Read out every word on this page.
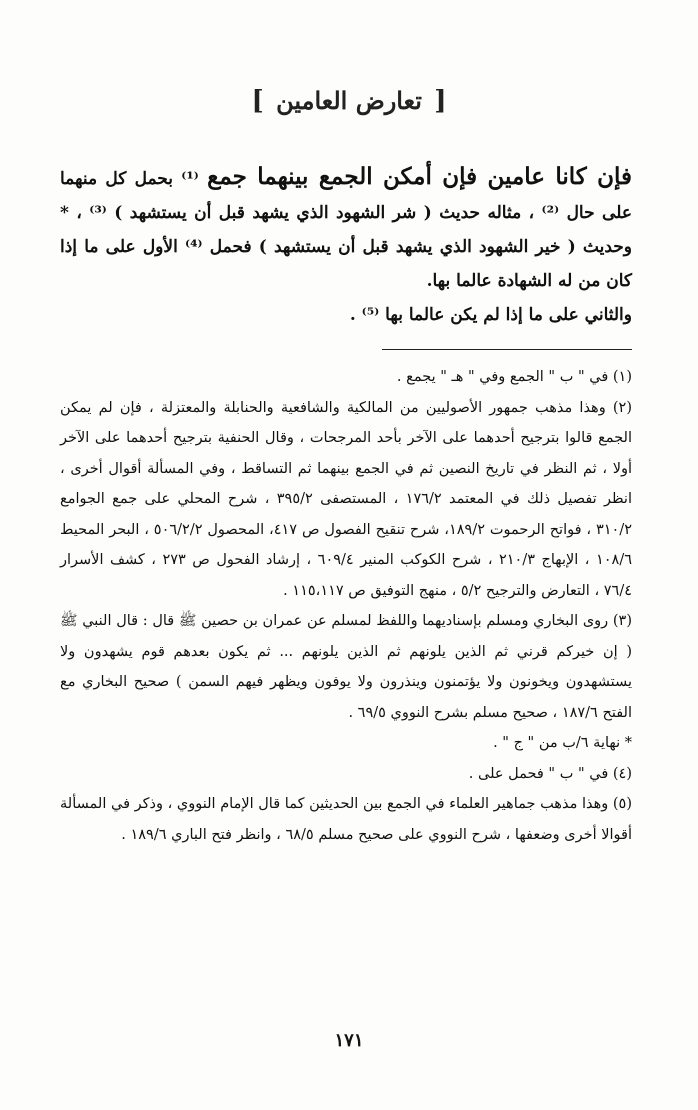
[ تعارض العامين ]

فإن كانا عامين فإن أمكن الجمع بينهما جمع ⁽¹⁾ بحمل كل منهما على حال ⁽²⁾ ، مثاله حديث ( شر الشهود الذي يشهد قبل أن يستشهد ) ⁽³⁾ ، * وحديث ( خير الشهود الذي يشهد قبل أن يستشهد ) فحمل ⁽⁴⁾ الأول على ما إذا كان من له الشهادة عالما بها.

والثاني على ما إذا لم يكن عالما بها ⁽⁵⁾ .

(١) في " ب " الجمع وفي " هـ " يجمع .

(٢) وهذا مذهب جمهور الأصوليين من المالكية والشافعية والحنابلة والمعتزلة ، فإن لم يمكن الجمع قالوا بترجيح أحدهما على الآخر بأحد المرجحات ، وقال الحنفية بترجيح أحدهما على الآخر أولا ، ثم النظر في تاريخ النصين ثم في الجمع بينهما ثم التساقط ، وفي المسألة أقوال أخرى ، انظر تفصيل ذلك في المعتمد ١٧٦/٢ ، المستصفى ٣٩٥/٢ ، شرح المحلي على جمع الجوامع ٣١٠/٢ ، فواتح الرحموت ١٨٩/٢، شرح تنقيح الفصول ص ٤١٧، المحصول ٥٠٦/٢/٢ ، البحر المحيط ١٠٨/٦ ، الإبهاج ٢١٠/٣ ، شرح الكوكب المنير ٦٠٩/٤ ، إرشاد الفحول ص ٢٧٣ ، كشف الأسرار ٧٦/٤ ، التعارض والترجيح ٥/٢ ، منهج التوفيق ص ١١٥،١١٧ .

(٣) روى البخاري ومسلم بإسناديهما واللفظ لمسلم عن عمران بن حصين ﷺ قال : قال النبي ﷺ ( إن خيركم قرني ثم الذين يلونهم ثم الذين يلونهم ... ثم يكون بعدهم قوم يشهدون ولا يستشهدون ويخونون ولا يؤتمنون وينذرون ولا يوفون ويظهر فيهم السمن ) صحيح البخاري مع الفتح ١٨٧/٦ ، صحيح مسلم بشرح النووي ٦٩/٥ .

* نهاية ٦/ب من " ج " .

(٤) في " ب " فحمل على .

(٥) وهذا مذهب جماهير العلماء في الجمع بين الحديثين كما قال الإمام النووي ، وذكر في المسألة أقوالا أخرى وضعفها ، شرح النووي على صحيح مسلم ٦٨/٥ ، وانظر فتح الباري ١٨٩/٦ .

١٧١
